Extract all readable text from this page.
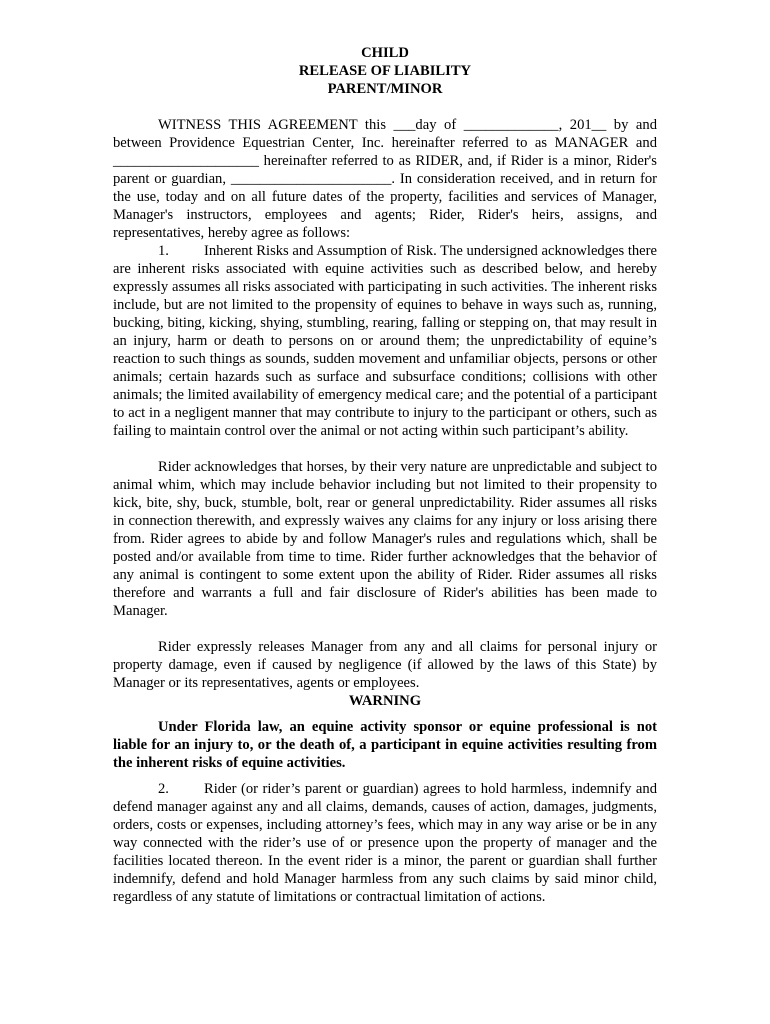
CHILD
RELEASE OF LIABILITY
PARENT/MINOR

WITNESS THIS AGREEMENT this ___day of _____________, 201__ by and between Providence Equestrian Center, Inc. hereinafter referred to as MANAGER and ____________________ hereinafter referred to as RIDER, and, if Rider is a minor, Rider's parent or guardian, ______________________. In consideration received, and in return for the use, today and on all future dates of the property, facilities and services of Manager, Manager's instructors, employees and agents; Rider, Rider's heirs, assigns, and representatives, hereby agree as follows:

1. Inherent Risks and Assumption of Risk. The undersigned acknowledges there are inherent risks associated with equine activities such as described below, and hereby expressly assumes all risks associated with participating in such activities. The inherent risks include, but are not limited to the propensity of equines to behave in ways such as, running, bucking, biting, kicking, shying, stumbling, rearing, falling or stepping on, that may result in an injury, harm or death to persons on or around them; the unpredictability of equine’s reaction to such things as sounds, sudden movement and unfamiliar objects, persons or other animals; certain hazards such as surface and subsurface conditions; collisions with other animals; the limited availability of emergency medical care; and the potential of a participant to act in a negligent manner that may contribute to injury to the participant or others, such as failing to maintain control over the animal or not acting within such participant’s ability.

Rider acknowledges that horses, by their very nature are unpredictable and subject to animal whim, which may include behavior including but not limited to their propensity to kick, bite, shy, buck, stumble, bolt, rear or general unpredictability. Rider assumes all risks in connection therewith, and expressly waives any claims for any injury or loss arising there from. Rider agrees to abide by and follow Manager's rules and regulations which, shall be posted and/or available from time to time. Rider further acknowledges that the behavior of any animal is contingent to some extent upon the ability of Rider. Rider assumes all risks therefore and warrants a full and fair disclosure of Rider's abilities has been made to Manager.

Rider expressly releases Manager from any and all claims for personal injury or property damage, even if caused by negligence (if allowed by the laws of this State) by Manager or its representatives, agents or employees.

WARNING

Under Florida law, an equine activity sponsor or equine professional is not liable for an injury to, or the death of, a participant in equine activities resulting from the inherent risks of equine activities.

2. Rider (or rider’s parent or guardian) agrees to hold harmless, indemnify and defend manager against any and all claims, demands, causes of action, damages, judgments, orders, costs or expenses, including attorney’s fees, which may in any way arise or be in any way connected with the rider’s use of or presence upon the property of manager and the facilities located thereon. In the event rider is a minor, the parent or guardian shall further indemnify, defend and hold Manager harmless from any such claims by said minor child, regardless of any statute of limitations or contractual limitation of actions.
